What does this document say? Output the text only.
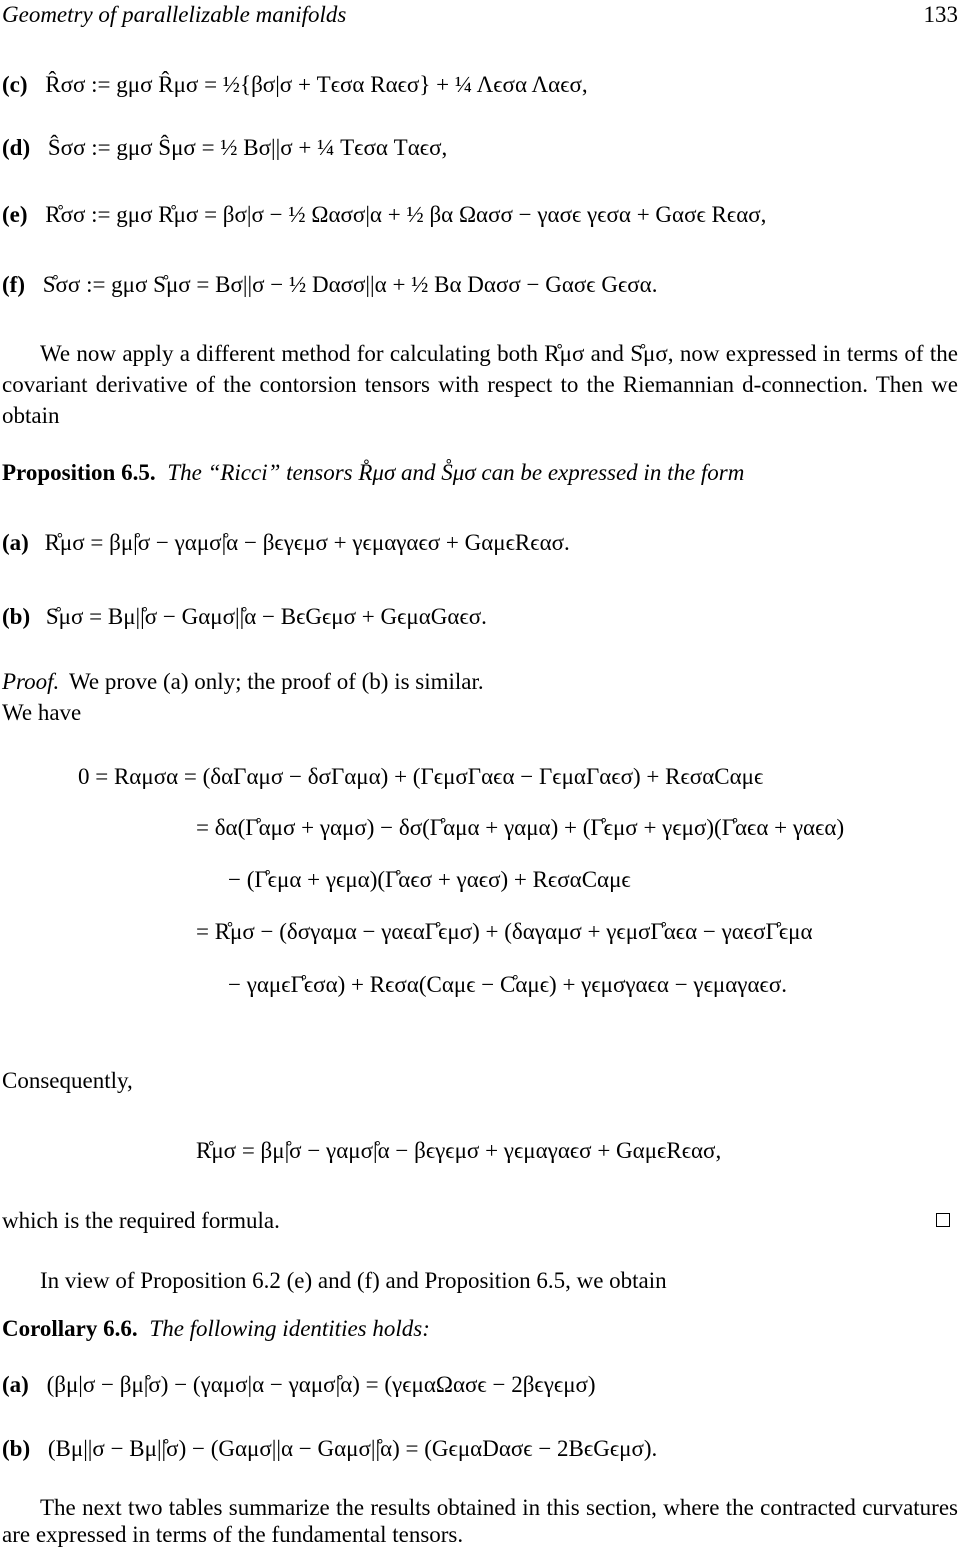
Geometry of parallelizable manifolds	133
(c) R̂σσ := gμσ R̂μσ = ½{βσ|σ + Tϵσα Rαϵσ} + ¼ Λϵσα Λαϵσ,
(d) Ŝσσ := gμσ Ŝμσ = ½ Bσ||σ + ¼ Tϵσα Tαϵσ,
(e) R̊σσ := gμσ R̊μσ = βσ|σ − ½ Ωασσ|α + ½ βα Ωασσ − γασϵ γϵσα + Gασϵ Rϵασ,
(f) S̊σσ := gμσ S̊μσ = Bσ||σ − ½ Dασσ||α + ½ Bα Dασσ − Gασϵ Gϵσα.
We now apply a different method for calculating both R̊μσ and S̊μσ, now expressed in terms of the covariant derivative of the contorsion tensors with respect to the Riemannian d-connection. Then we obtain
Proposition 6.5. The “Ricci” tensors R̊μσ and S̊μσ can be expressed in the form
(a) R̊μσ = βμ|̊σ − γαμσ|̊α − βϵγϵμσ + γϵμαγαϵσ + GαμϵRϵασ.
(b) S̊μσ = Bμ||̊σ − Gαμσ||̊α − BϵGϵμσ + GϵμαGαϵσ.
Proof. We prove (a) only; the proof of (b) is similar.
We have
0 = Rαμσα = (δαΓαμσ − δσΓαμα) + (ΓϵμσΓαϵα − ΓϵμαΓαϵσ) + RϵσαCαμϵ
= δα(Γ̊αμσ + γαμσ) − δσ(Γ̊αμα + γαμα) + (Γ̊ϵμσ + γϵμσ)(Γ̊αϵα + γαϵα)
− (Γ̊ϵμα + γϵμα)(Γ̊αϵσ + γαϵσ) + RϵσαCαμϵ
= R̊μσ − (δσγαμα − γαϵαΓ̊ϵμσ) + (δαγαμσ + γϵμσΓ̊αϵα − γαϵσΓ̊ϵμα
− γαμϵΓ̊ϵσα) + Rϵσα(Cαμϵ − C̊αμϵ) + γϵμσγαϵα − γϵμαγαϵσ.
Consequently,
R̊μσ = βμ|̊σ − γαμσ|̊α − βϵγϵμσ + γϵμαγαϵσ + GαμϵRϵασ,
which is the required formula.
In view of Proposition 6.2 (e) and (f) and Proposition 6.5, we obtain
Corollary 6.6. The following identities holds:
(a) (βμ|σ − βμ|̊σ) − (γαμσ|α − γαμσ|̊α) = (γϵμαΩασϵ − 2βϵγϵμσ)
(b) (Bμ||σ − Bμ||̊σ) − (Gαμσ||α − Gαμσ||̊α) = (GϵμαDασϵ − 2BϵGϵμσ).
The next two tables summarize the results obtained in this section, where the contracted curvatures are expressed in terms of the fundamental tensors.
